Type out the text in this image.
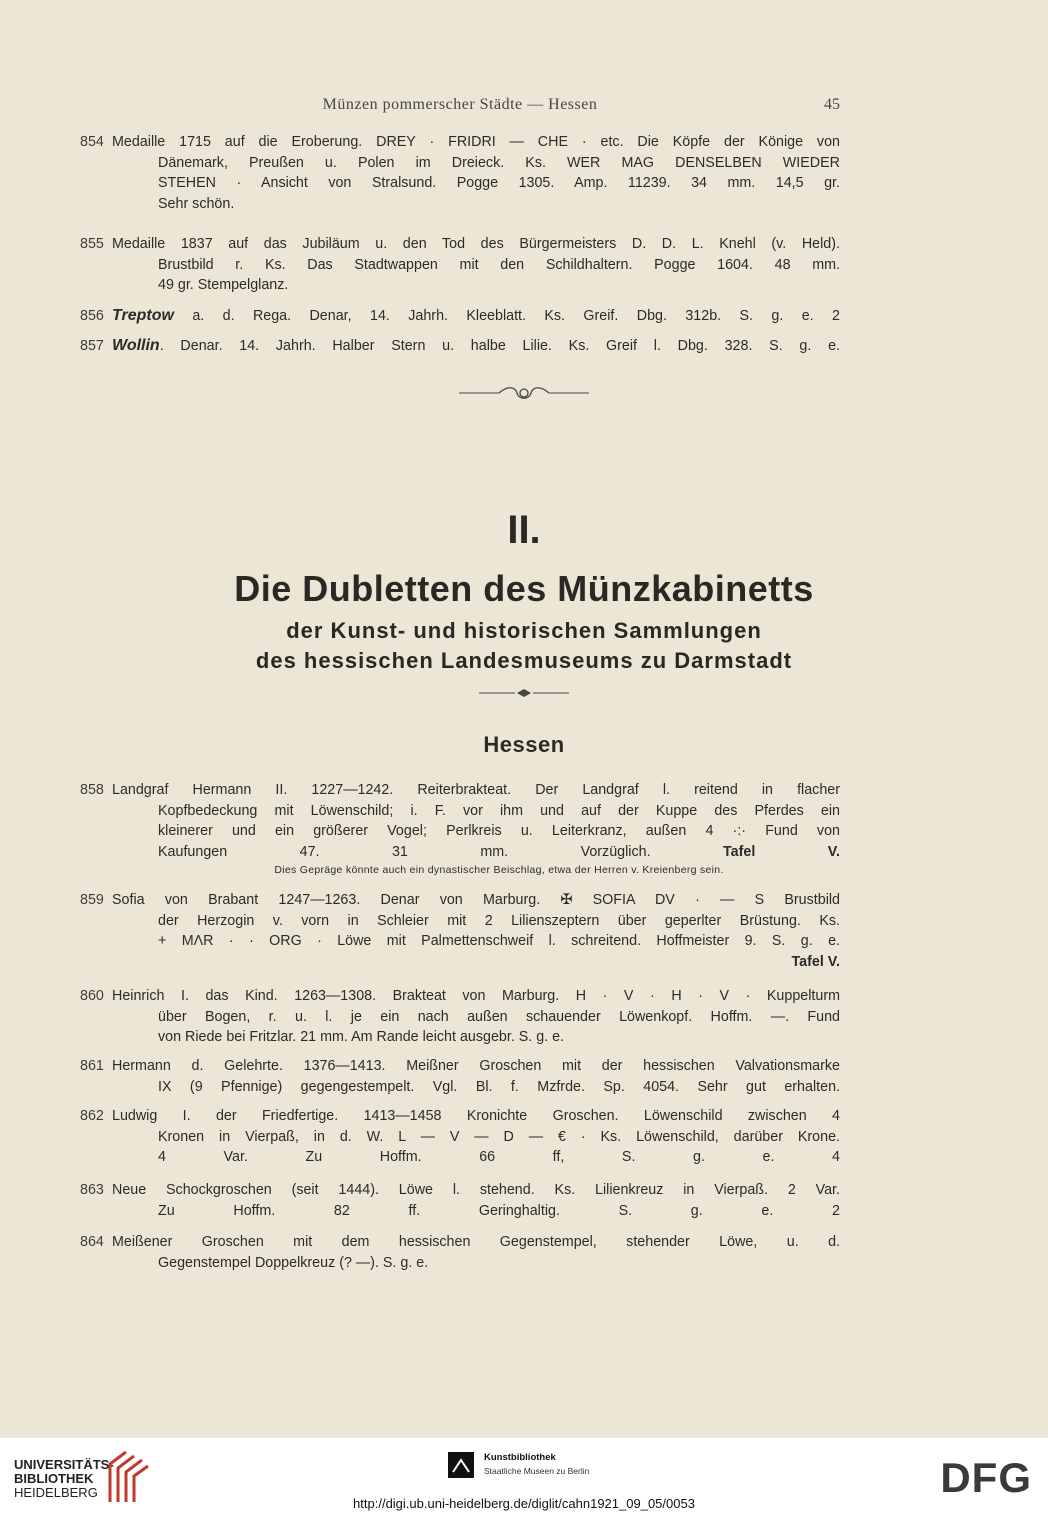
Münzen pommerscher Städte — Hessen	45
854 Medaille 1715 auf die Eroberung. DREY · FRIDRI — CHE · etc. Die Köpfe der Könige von
Dänemark, Preußen u. Polen im Dreieck. Ks. WER MAG DENSELBEN WIEDER
STEHEN · Ansicht von Stralsund. Pogge 1305. Amp. 11239. 34 mm. 14,5 gr.
Sehr schön.
855 Medaille 1837 auf das Jubiläum u. den Tod des Bürgermeisters D. D. L. Knehl (v. Held).
Brustbild r. Ks. Das Stadtwappen mit den Schildhaltern. Pogge 1604. 48 mm.
49 gr. Stempelglanz.
856 Treptow a. d. Rega. Denar, 14. Jahrh. Kleeblatt. Ks. Greif. Dbg. 312b. S. g. e. 2
857 Wollin. Denar. 14. Jahrh. Halber Stern u. halbe Lilie. Ks. Greif l. Dbg. 328. S. g. e.
II.
Die Dubletten des Münzkabinetts
der Kunst- und historischen Sammlungen
des hessischen Landesmuseums zu Darmstadt
Hessen
858 Landgraf Hermann II. 1227—1242. Reiterbrakteat. Der Landgraf l. reitend in flacher
Kopfbedeckung mit Löwenschild; i. F. vor ihm und auf der Kuppe des Pferdes ein
kleinerer und ein größerer Vogel; Perlkreis u. Leiterkranz, außen 4 ·:· Fund von
Kaufungen 47. 31 mm. Vorzüglich.	Tafel V.
Dies Gepräge könnte auch ein dynastischer Beischlag, etwa der Herren v. Kreienberg sein.
859 Sofia von Brabant 1247—1263. Denar von Marburg. ✠ SOFIA DV · — S Brustbild
der Herzogin v. vorn in Schleier mit 2 Lilienszeptern über geperlter Brüstung. Ks.
+ MΛR · · ORG · Löwe mit Palmettenschweif l. schreitend. Hoffmeister 9. S. g. e.
Tafel V.
860 Heinrich I. das Kind. 1263—1308. Brakteat von Marburg. H · V · H · V · Kuppelturm
über Bogen, r. u. l. je ein nach außen schauender Löwenkopf. Hoffm. —. Fund
von Riede bei Fritzlar. 21 mm. Am Rande leicht ausgebr. S. g. e.
861 Hermann d. Gelehrte. 1376—1413. Meißner Groschen mit der hessischen Valvationsmarke
IX (9 Pfennige) gegengestempelt. Vgl. Bl. f. Mzfrde. Sp. 4054. Sehr gut erhalten.
862 Ludwig I. der Friedfertige. 1413—1458 Kronichte Groschen. Löwenschild zwischen 4
Kronen in Vierpaß, in d. W. L — V — D — € · Ks. Löwenschild, darüber Krone.
4 Var. Zu Hoffm. 66 ff, S. g. e.	4
863 Neue Schockgroschen (seit 1444). Löwe l. stehend. Ks. Lilienkreuz in Vierpaß. 2 Var.
Zu Hoffm. 82 ff. Geringhaltig. S. g. e.	2
864 Meißener Groschen mit dem hessischen Gegenstempel, stehender Löwe, u. d.
Gegenstempel Doppelkreuz (? —). S. g. e.
UNIVERSITÄTS-
BIBLIOTHEK
HEIDELBERG
Kunstbibliothek
Staatliche Museen zu Berlin	DFG
http://digi.ub.uni-heidelberg.de/diglit/cahn1921_09_05/0053
